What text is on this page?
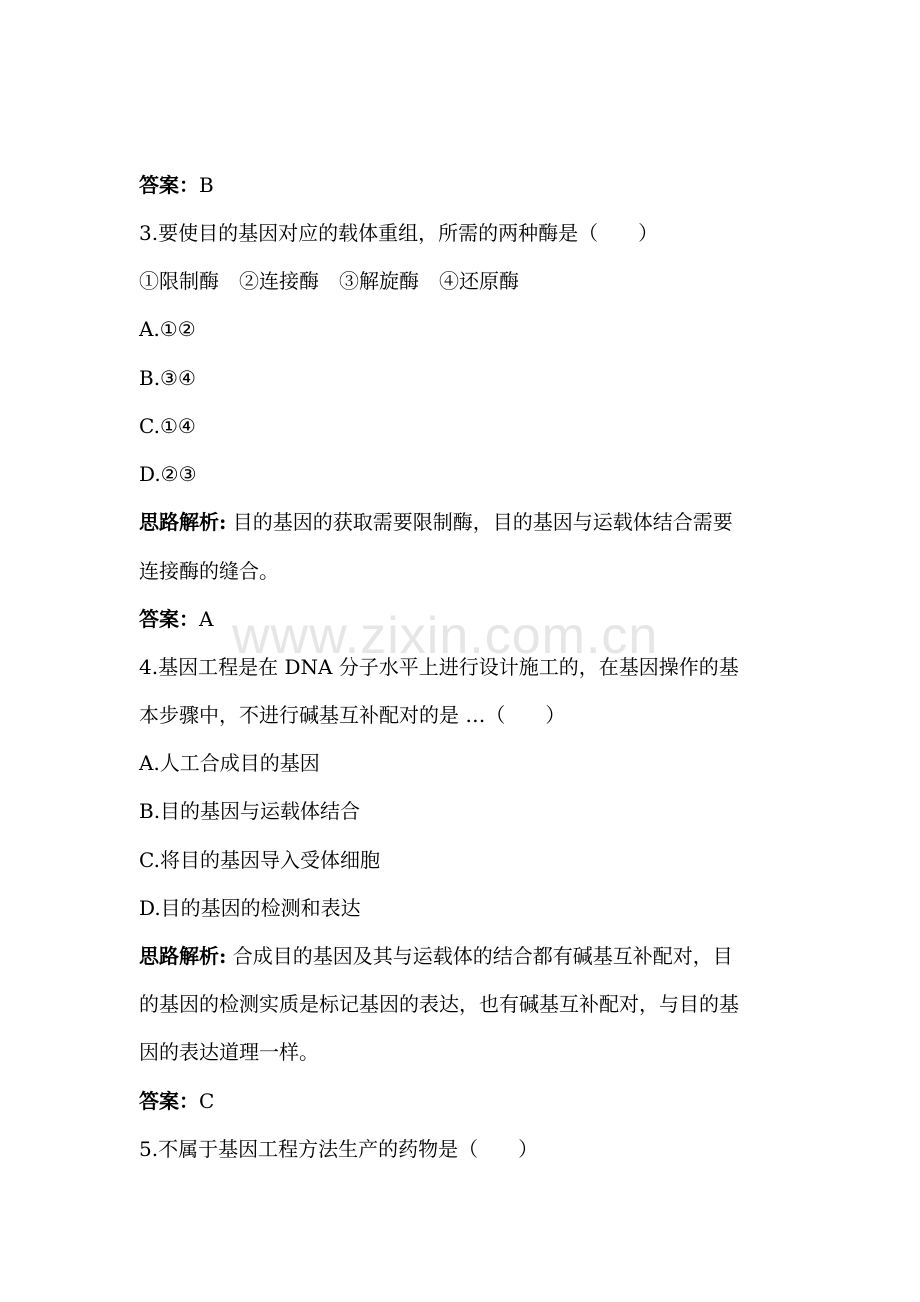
www.zixin.com.cn
答案：B
3.要使目的基因对应的载体重组，所需的两种酶是（　　）
①限制酶　②连接酶　③解旋酶　④还原酶
A.①②
B.③④
C.①④
D.②③
思路解析: 目的基因的获取需要限制酶，目的基因与运载体结合需要
连接酶的缝合。
答案：A
4.基因工程是在 DNA 分子水平上进行设计施工的，在基因操作的基
本步骤中，不进行碱基互补配对的是 …（　　）
A.人工合成目的基因
B.目的基因与运载体结合
C.将目的基因导入受体细胞
D.目的基因的检测和表达
思路解析: 合成目的基因及其与运载体的结合都有碱基互补配对，目
的基因的检测实质是标记基因的表达，也有碱基互补配对，与目的基
因的表达道理一样。
答案：C
5.不属于基因工程方法生产的药物是（　　）
